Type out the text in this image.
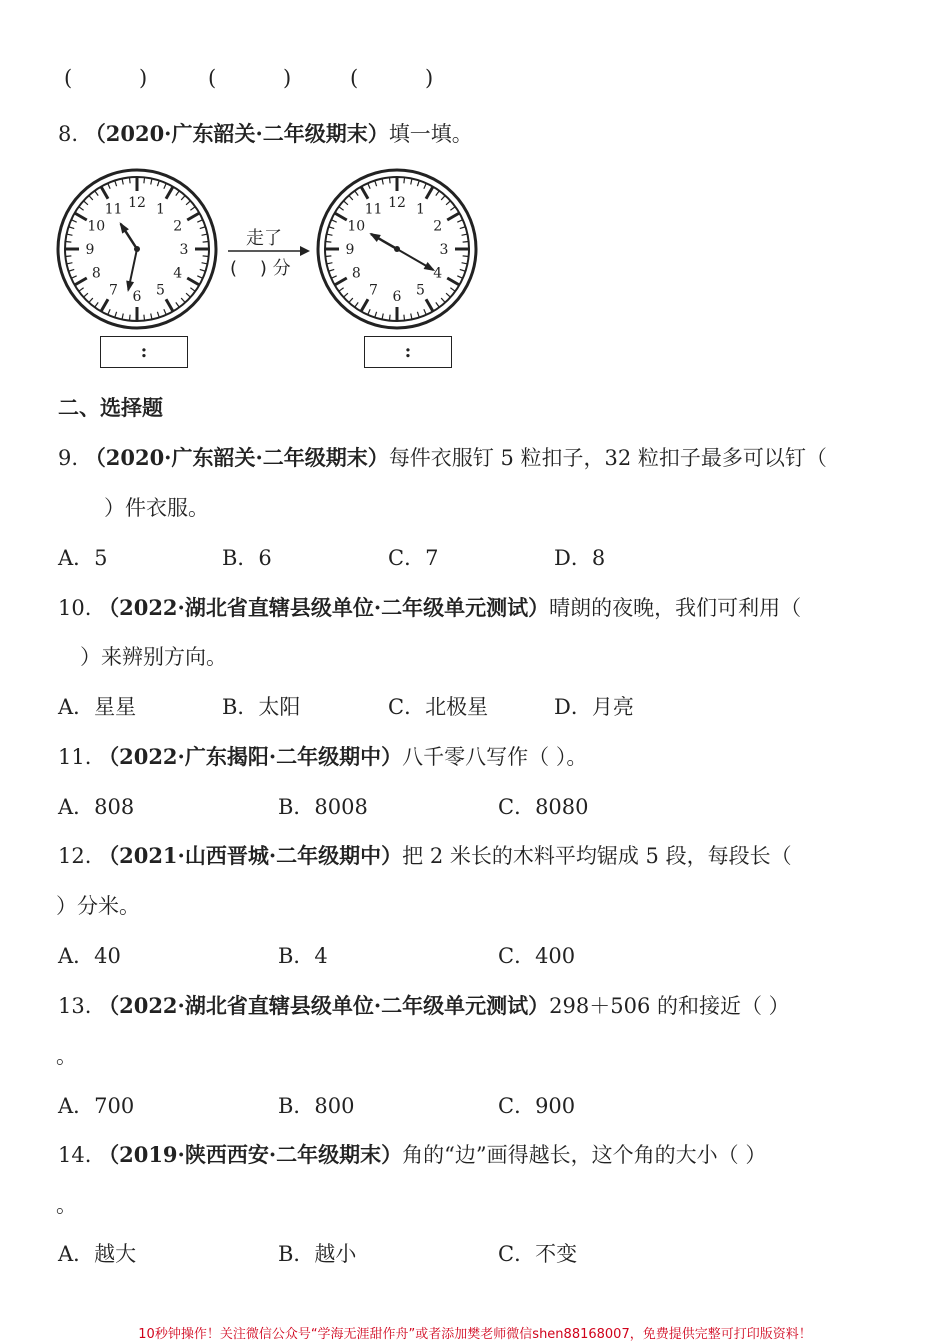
(          )	(          )	(          )
8. （2020·广东韶关·二年级期末）填一填。
12 1
2
3
4
5
6
7
8
9
10
11	12 1
2
3
4
5
6
7
8
9
10
11
走了
(    ) 分
:	:
二、选择题
9. （2020·广东韶关·二年级期末）每件衣服钉 5 粒扣子，32 粒扣子最多可以钉（
）件衣服。
A．5	B．6	C．7	D．8
10. （2022·湖北省直辖县级单位·二年级单元测试）晴朗的夜晚，我们可利用（
）来辨别方向。
A．星星	B．太阳	C．北极星	D．月亮
11. （2022·广东揭阳·二年级期中）八千零八写作（ ）。
A．808	B．8008	C．8080
12. （2021·山西晋城·二年级期中）把 2 米长的木料平均锯成 5 段，每段长（
）分米。
A．40	B．4	C．400
13. （2022·湖北省直辖县级单位·二年级单元测试）298＋506 的和接近（ ）
。
A．700	B．800	C．900
14. （2019·陕西西安·二年级期末）角的“边”画得越长，这个角的大小（ ）
。
A．越大	B．越小	C．不变
10秒钟操作！关注微信公众号“学海无涯甜作舟”或者添加樊老师微信shen88168007，免费提供完整可打印版资料！
